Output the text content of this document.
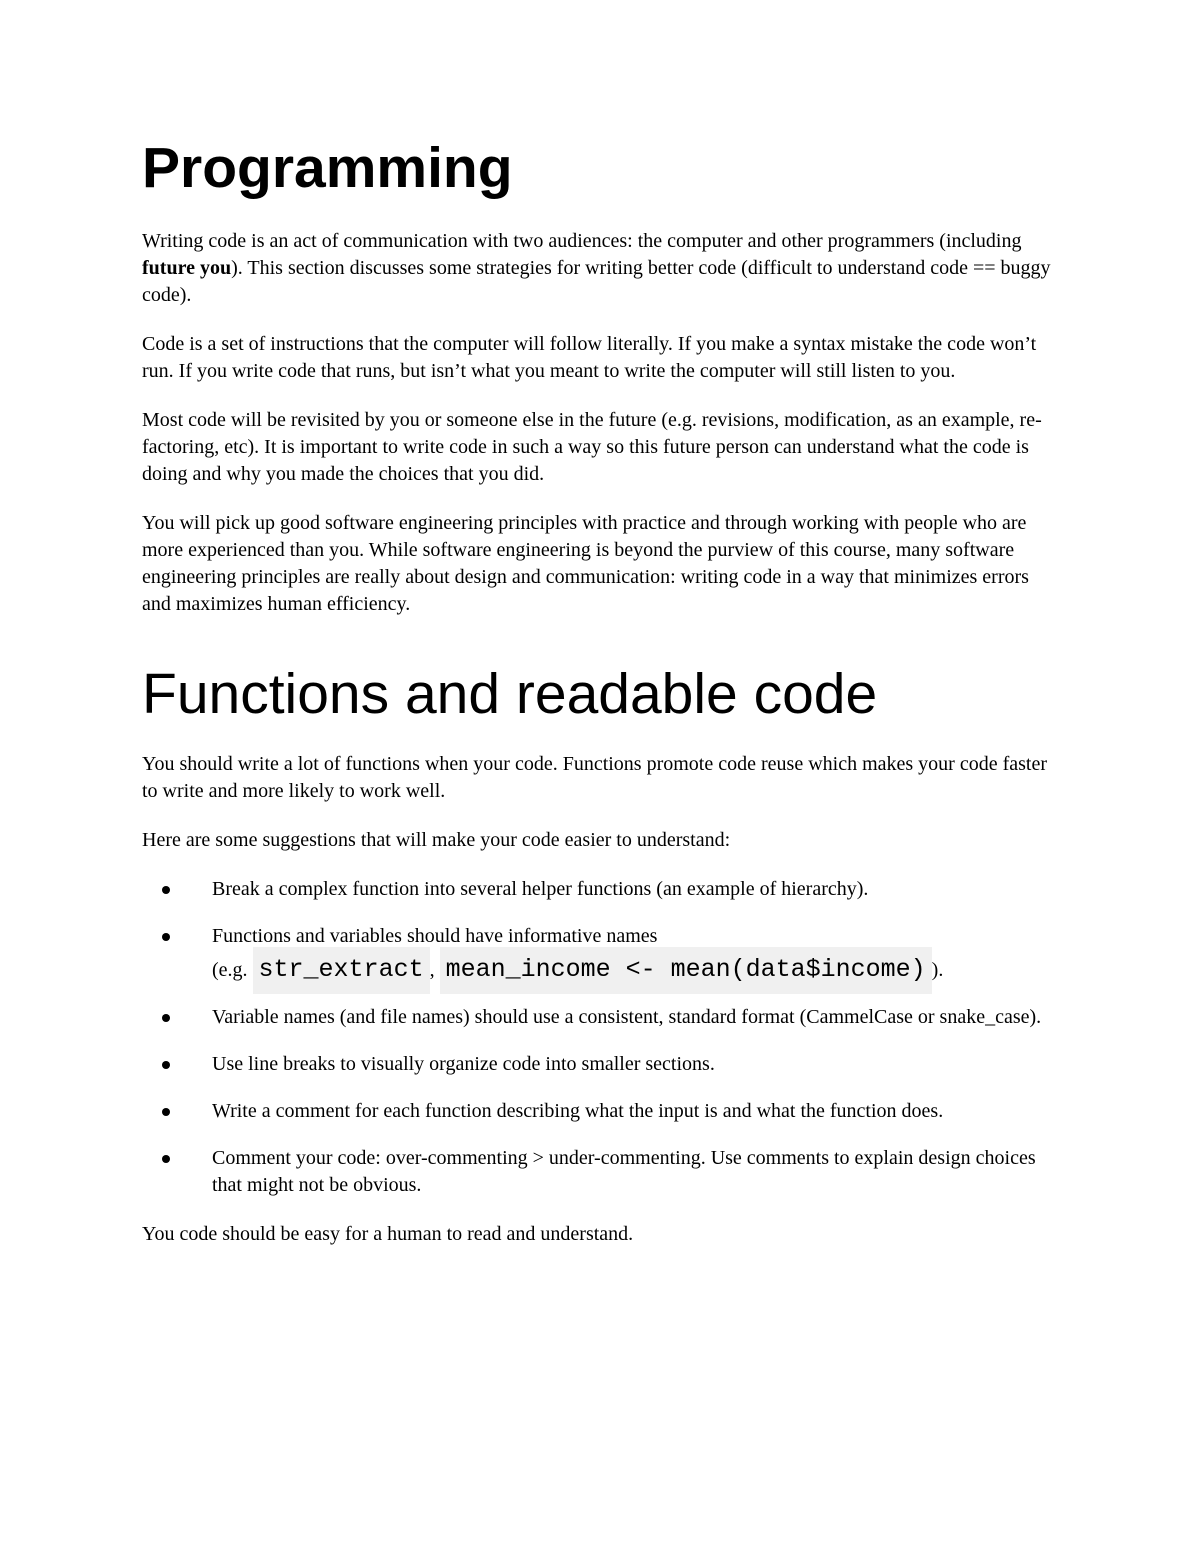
Programming

Writing code is an act of communication with two audiences: the computer and other programmers (including future you). This section discusses some strategies for writing better code (difficult to understand code == buggy code).

Code is a set of instructions that the computer will follow literally. If you make a syntax mistake the code won’t run. If you write code that runs, but isn’t what you meant to write the computer will still listen to you.

Most code will be revisited by you or someone else in the future (e.g. revisions, modification, as an example, re-factoring, etc). It is important to write code in such a way so this future person can understand what the code is doing and why you made the choices that you did.

You will pick up good software engineering principles with practice and through working with people who are more experienced than you. While software engineering is beyond the purview of this course, many software engineering principles are really about design and communication: writing code in a way that minimizes errors and maximizes human efficiency.

Functions and readable code

You should write a lot of functions when your code. Functions promote code reuse which makes your code faster to write and more likely to work well.

Here are some suggestions that will make your code easier to understand:

Break a complex function into several helper functions (an example of hierarchy).
Functions and variables should have informative names
(e.g. str_extract , mean_income <- mean(data$income) ).
Variable names (and file names) should use a consistent, standard format (CammelCase or snake_case).
Use line breaks to visually organize code into smaller sections.
Write a comment for each function describing what the input is and what the function does.
Comment your code: over-commenting > under-commenting. Use comments to explain design choices that might not be obvious.

You code should be easy for a human to read and understand.
